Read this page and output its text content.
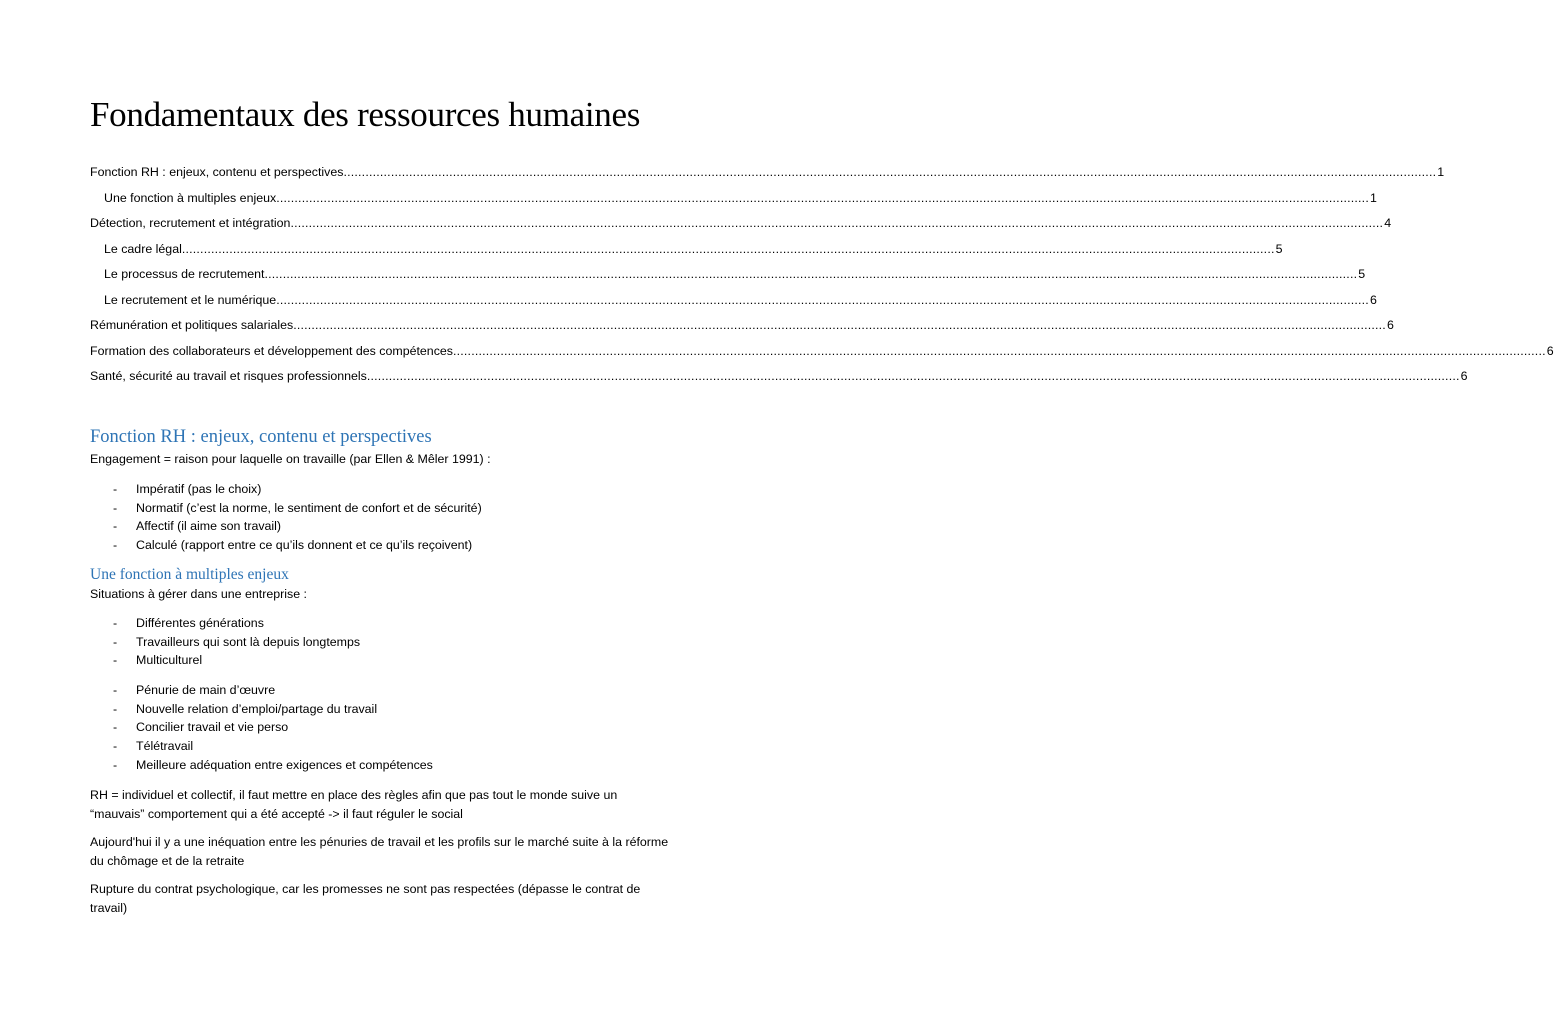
Fondamentaux des ressources humaines
Fonction RH : enjeux, contenu et perspectives ............................................................................................................................................................................................................................................................................................................ 1
Une fonction à multiples enjeux ............................................................................................................................................................................................................................................................................................................ 1
Détection, recrutement et intégration ............................................................................................................................................................................................................................................................................................................ 4
Le cadre légal ............................................................................................................................................................................................................................................................................................................ 5
Le processus de recrutement ............................................................................................................................................................................................................................................................................................................ 5
Le recrutement et le numérique ............................................................................................................................................................................................................................................................................................................ 6
Rémunération et politiques salariales ............................................................................................................................................................................................................................................................................................................ 6
Formation des collaborateurs et développement des compétences ............................................................................................................................................................................................................................................................................................................ 6
Santé, sécurité au travail et risques professionnels ............................................................................................................................................................................................................................................................................................................ 6
Fonction RH : enjeux, contenu et perspectives

Engagement = raison pour laquelle on travaille (par Ellen & Mêler 1991) :

- Impératif (pas le choix)
- Normatif (c’est la norme, le sentiment de confort et de sécurité)
- Affectif (il aime son travail)
- Calculé (rapport entre ce qu’ils donnent et ce qu’ils reçoivent)
Une fonction à multiples enjeux

Situations à gérer dans une entreprise :

- Différentes générations
- Travailleurs qui sont là depuis longtemps
- Multiculturel
- Pénurie de main d’œuvre
- Nouvelle relation d’emploi/partage du travail
- Concilier travail et vie perso
- Télétravail
- Meilleure adéquation entre exigences et compétences

RH = individuel et collectif, il faut mettre en place des règles afin que pas tout le monde suive un “mauvais” comportement qui a été accepté -> il faut réguler le social

Aujourd'hui il y a une inéquation entre les pénuries de travail et les profils sur le marché suite à la réforme du chômage et de la retraite

Rupture du contrat psychologique, car les promesses ne sont pas respectées (dépasse le contrat de travail)
